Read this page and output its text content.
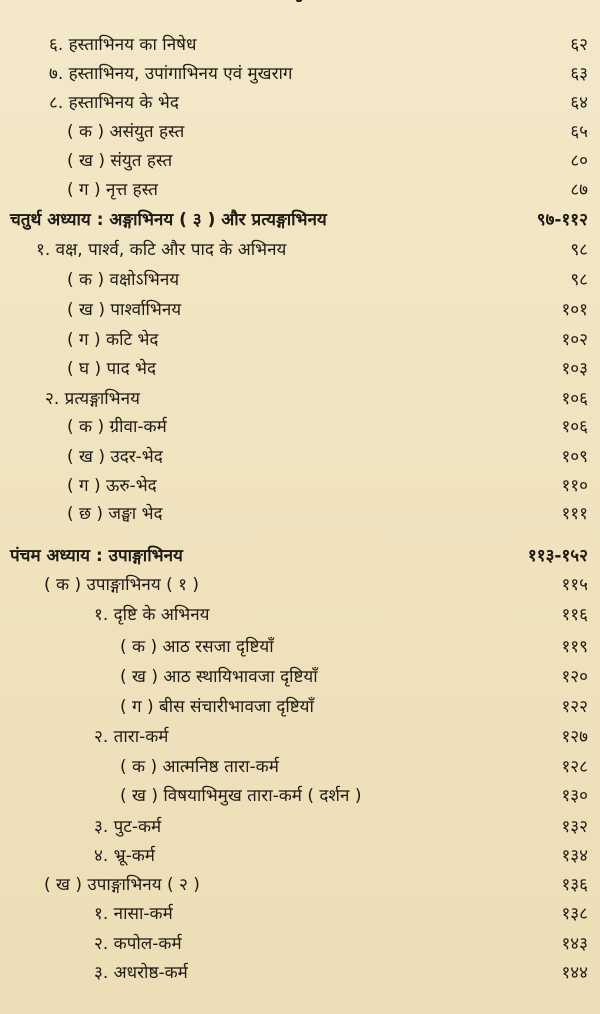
६. हस्ताभिनय का निषेध	६२
७. हस्ताभिनय, उपांगाभिनय एवं मुखराग	६३
८. हस्ताभिनय के भेद	६४
( क ) असंयुत हस्त	६५
( ख ) संयुत हस्त	८०
( ग ) नृत्त हस्त	८७
चतुर्थ अध्याय : अङ्गाभिनय ( ३ ) और प्रत्यङ्गाभिनय	९७-११२
१. वक्ष, पार्श्व, कटि और पाद के अभिनय	९८
( क ) वक्षोऽभिनय	९८
( ख ) पार्श्वाभिनय	१०१
( ग ) कटि भेद	१०२
( घ ) पाद भेद	१०३
२. प्रत्यङ्गाभिनय	१०६
( क ) ग्रीवा-कर्म	१०६
( ख ) उदर-भेद	१०९
( ग ) ऊरु-भेद	११०
( छ ) जङ्घा भेद	१११
पंचम अध्याय : उपाङ्गाभिनय	११३-१५२
( क ) उपाङ्गाभिनय ( १ )	११५
१. दृष्टि के अभिनय	११६
( क ) आठ रसजा दृष्टियाँ	११९
( ख ) आठ स्थायिभावजा दृष्टियाँ	१२०
( ग ) बीस संचारीभावजा दृष्टियाँ	१२२
२. तारा-कर्म	१२७
( क ) आत्मनिष्ठ तारा-कर्म	१२८
( ख ) विषयाभिमुख तारा-कर्म ( दर्शन )	१३०
३. पुट-कर्म	१३२
४. भ्रू-कर्म	१३४
( ख ) उपाङ्गाभिनय ( २ )	१३६
१. नासा-कर्म	१३८
२. कपोल-कर्म	१४३
३. अधरोष्ठ-कर्म	१४४
